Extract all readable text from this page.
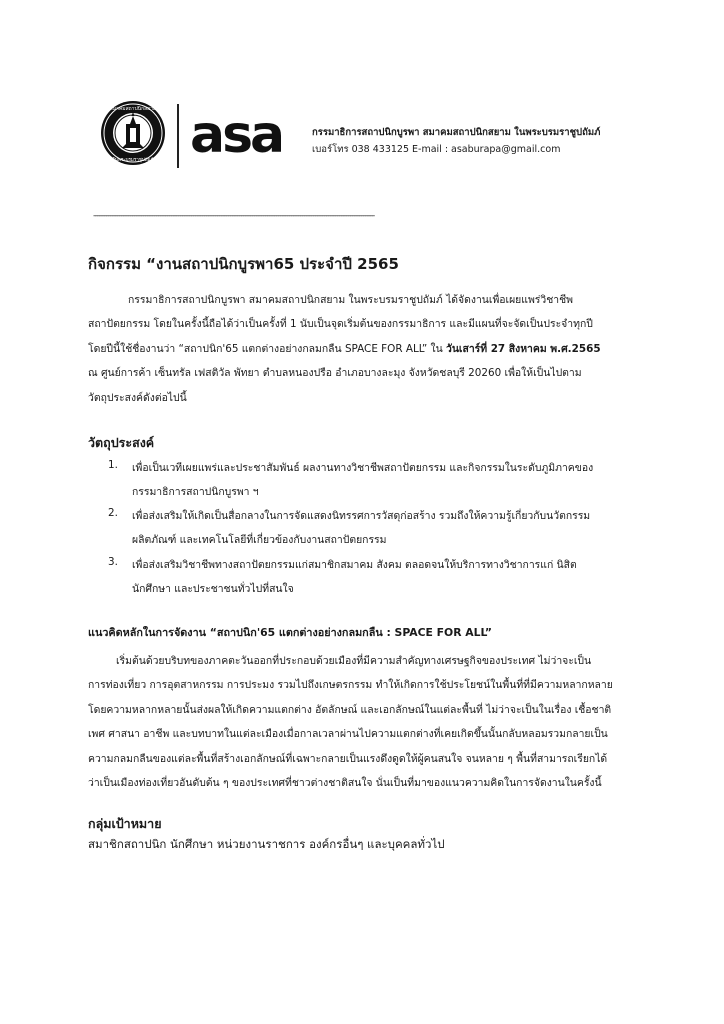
สมาคมสถาปนิกสยาม
ในพระบรมราชูปถัมภ์ asa	กรรมาธิการสถาปนิกบูรพา สมาคมสถาปนิกสยาม ในพระบรมราชูปถัมภ์
เบอร์โทร 038 433125 E-mail : asaburapa@gmail.com
--------------------------------------------------------------------------------------------------------------------------------------------------------
กิจกรรม “งานสถาปนิกบูรพา65 ประจำปี 2565
กรรมาธิการสถาปนิกบูรพา สมาคมสถาปนิกสยาม ในพระบรมราชูปถัมภ์ ได้จัดงานเพื่อเผยแพร่วิชาชีพ
สถาปัตยกรรม โดยในครั้งนี้ถือได้ว่าเป็นครั้งที่ 1 นับเป็นจุดเริ่มต้นของกรรมาธิการ และมีแผนที่จะจัดเป็นประจำทุกปี
โดยปีนี้ใช้ชื่องานว่า “สถาปนิก'65 แตกต่างอย่างกลมกลืน SPACE FOR ALL” ใน วันเสาร์ที่ 27 สิงหาคม พ.ศ.2565
ณ ศูนย์การค้า เซ็นทรัล เฟสติวัล พัทยา ตำบลหนองปรือ อำเภอบางละมุง จังหวัดชลบุรี 20260 เพื่อให้เป็นไปตาม
วัตถุประสงค์ดังต่อไปนี้
วัตถุประสงค์
1. เพื่อเป็นเวทีเผยแพร่และประชาสัมพันธ์ ผลงานทางวิชาชีพสถาปัตยกรรม และกิจกรรมในระดับภูมิภาคของ
กรรมาธิการสถาปนิกบูรพา ฯ
2. เพื่อส่งเสริมให้เกิดเป็นสื่อกลางในการจัดแสดงนิทรรศการวัสดุก่อสร้าง รวมถึงให้ความรู้เกี่ยวกับนวัตกรรม
ผลิตภัณฑ์ และเทคโนโลยีที่เกี่ยวข้องกับงานสถาปัตยกรรม
3. เพื่อส่งเสริมวิชาชีพทางสถาปัตยกรรมแก่สมาชิกสมาคม สังคม ตลอดจนให้บริการทางวิชาการแก่ นิสิต
นักศึกษา และประชาชนทั่วไปที่สนใจ
แนวคิดหลักในการจัดงาน “สถาปนิก'65 แตกต่างอย่างกลมกลืน : SPACE FOR ALL”
เริ่มต้นด้วยบริบทของภาคตะวันออกที่ประกอบด้วยเมืองที่มีความสำคัญทางเศรษฐกิจของประเทศ ไม่ว่าจะเป็น
การท่องเที่ยว การอุตสาหกรรม การประมง รวมไปถึงเกษตรกรรม ทำให้เกิดการใช้ประโยชน์ในพื้นที่ที่มีความหลากหลาย
โดยความหลากหลายนั้นส่งผลให้เกิดความแตกต่าง อัตลักษณ์ และเอกลักษณ์ในแต่ละพื้นที่ ไม่ว่าจะเป็นในเรื่อง เชื้อชาติ
เพศ ศาสนา อาชีพ และบทบาทในแต่ละเมืองเมื่อกาลเวลาผ่านไปความแตกต่างที่เคยเกิดขึ้นนั้นกลับหลอมรวมกลายเป็น
ความกลมกลืนของแต่ละพื้นที่สร้างเอกลักษณ์ที่เฉพาะกลายเป็นแรงดึงดูดให้ผู้คนสนใจ จนหลาย ๆ พื้นที่สามารถเรียกได้
ว่าเป็นเมืองท่องเที่ยวอันดับต้น ๆ ของประเทศที่ชาวต่างชาติสนใจ นั่นเป็นที่มาของแนวความคิดในการจัดงานในครั้งนี้
กลุ่มเป้าหมาย
สมาชิกสถาปนิก นักศึกษา หน่วยงานราชการ องค์กรอื่นๆ และบุคคลทั่วไป
